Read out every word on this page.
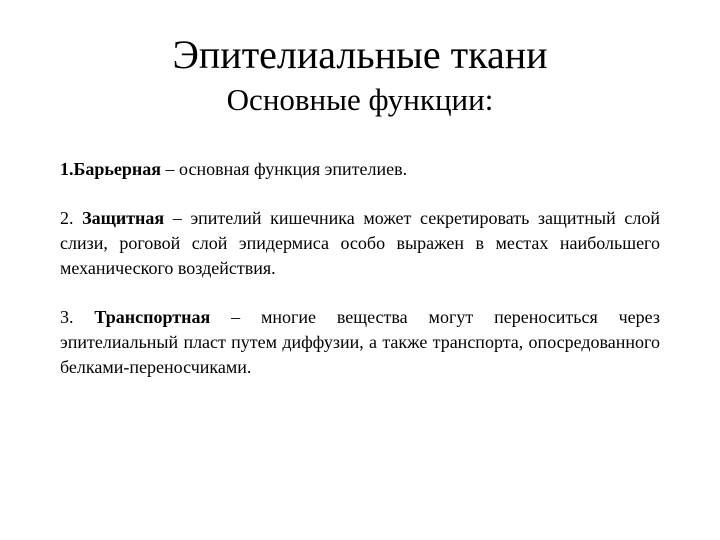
Эпителиальные ткани
Основные функции:

1.Барьерная – основная функция эпителиев.

2. Защитная – эпителий кишечника может секретировать защитный слой слизи, роговой слой эпидермиса особо выражен в местах наибольшего механического воздействия.

3. Транспортная – многие вещества могут переноситься через эпителиальный пласт путем диффузии, а также транспорта, опосредованного белками-переносчиками.
